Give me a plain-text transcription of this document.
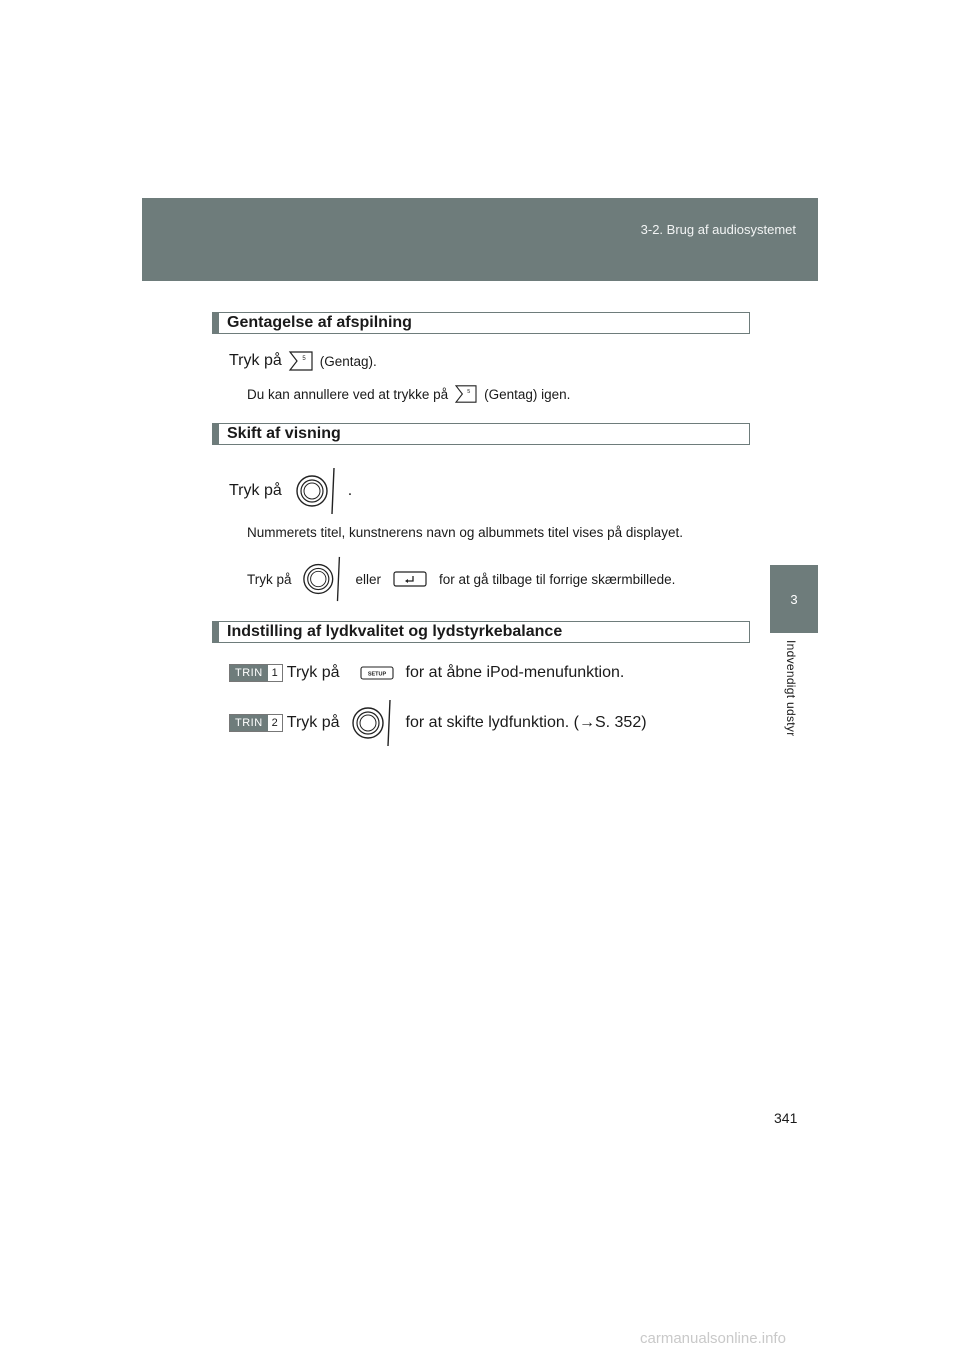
3-2. Brug af audiosystemet
3
Indvendigt udstyr
Gentagelse af afspilning
Tryk på	5 (Gentag).
Du kan annullere ved at trykke på	5 (Gentag) igen.
Skift af visning
Tryk på	.
Nummerets titel, kunstnerens navn og albummets titel vises på displayet.
Tryk på	eller	for at gå tilbage til forrige skærmbillede.
Indstilling af lydkvalitet og lydstyrkebalance
TRIN 1 Tryk på	SETUP for at åbne iPod-menufunktion.
TRIN 2 Tryk på	for at skifte lydfunktion. (→S. 352)
341
carmanualsonline.info
